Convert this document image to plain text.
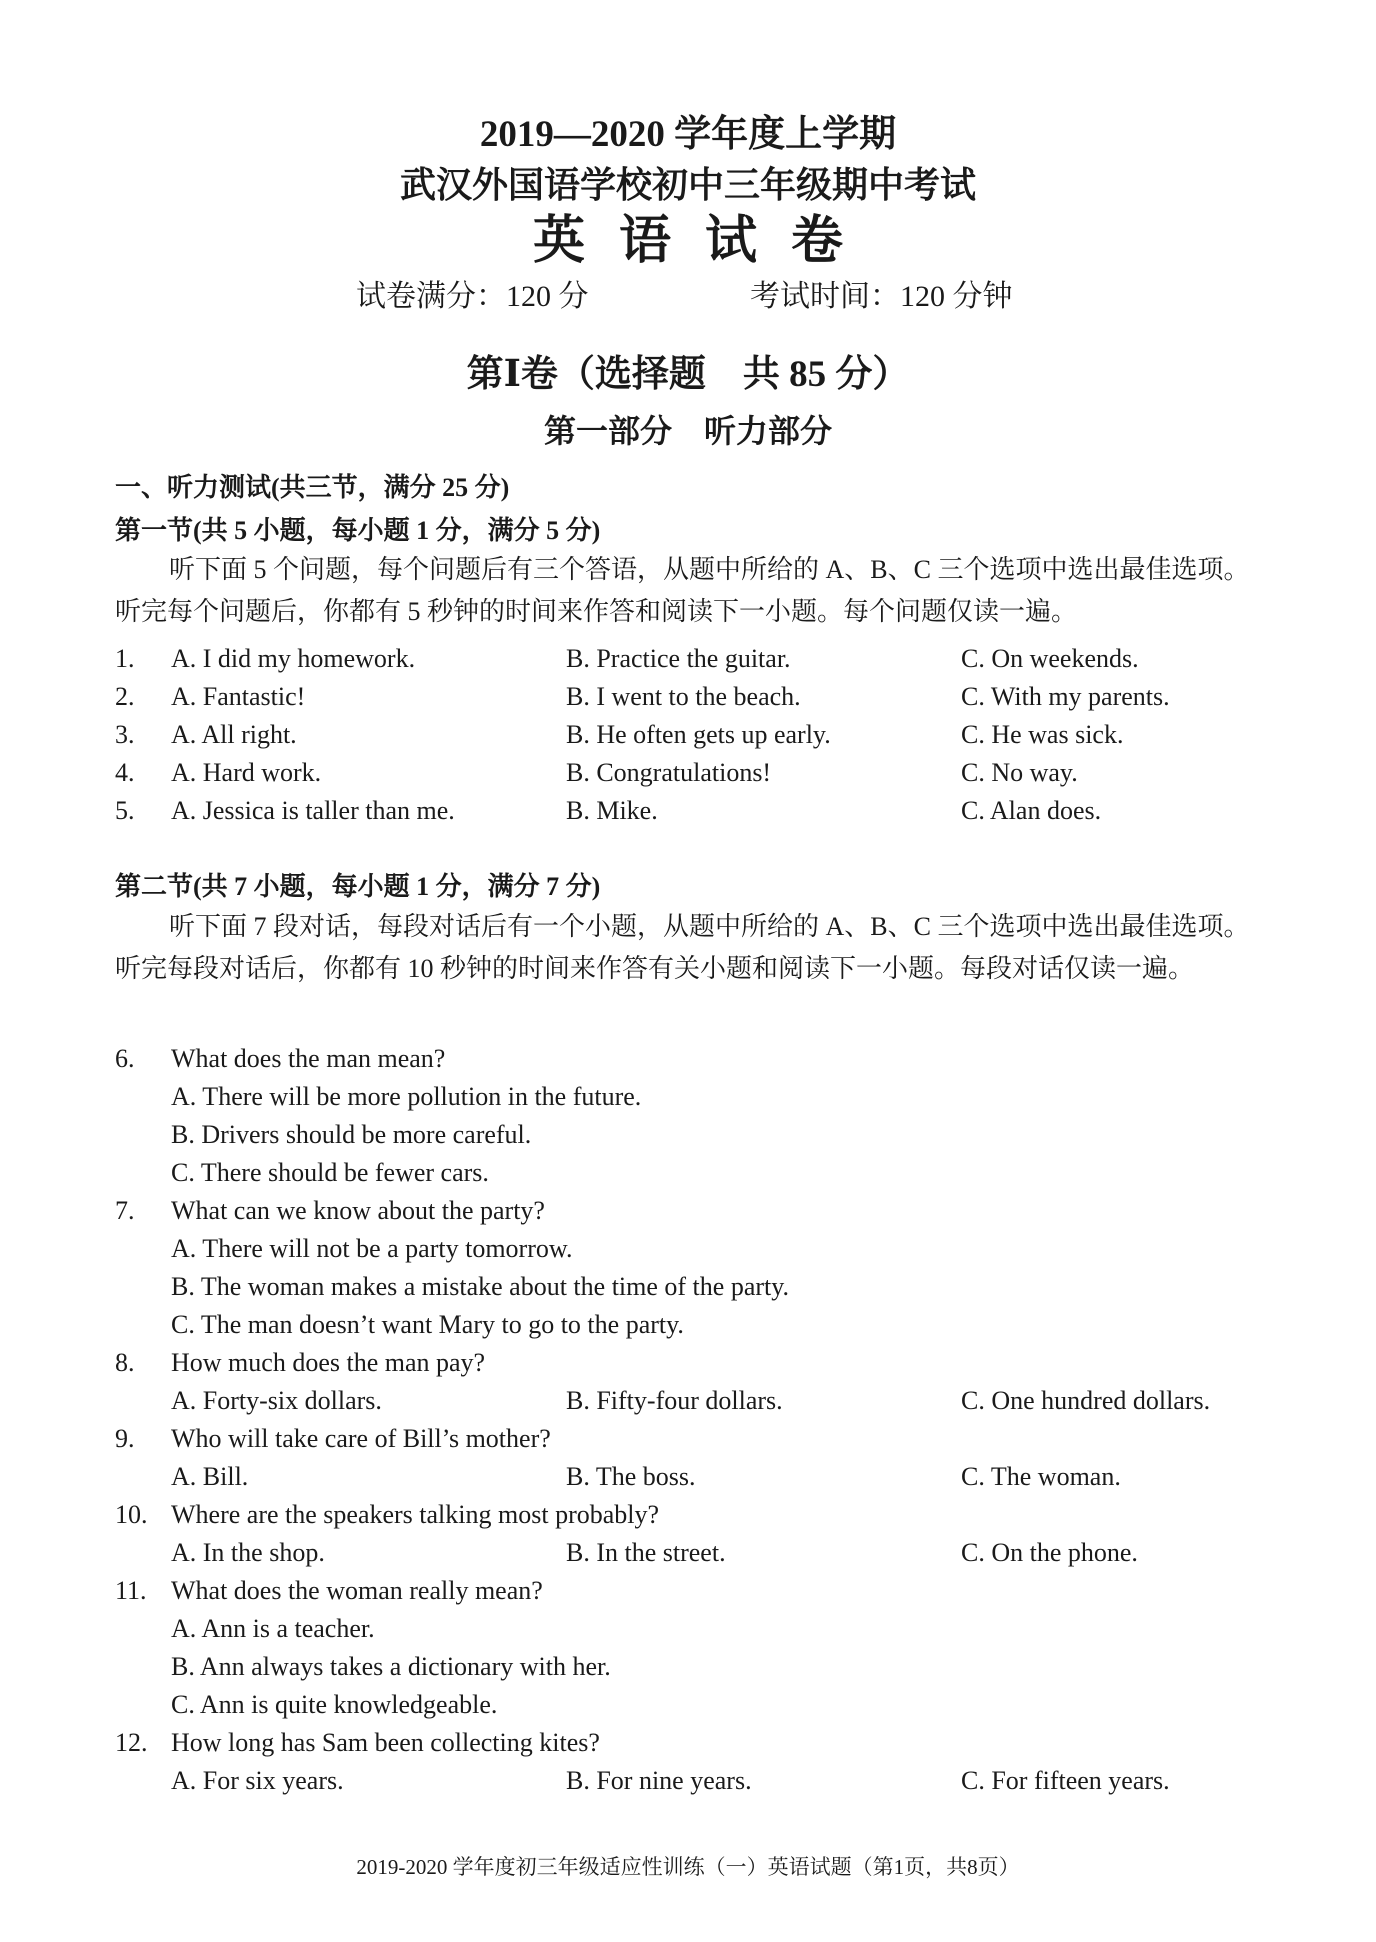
2019—2020 学年度上学期
武汉外国语学校初中三年级期中考试
英语试卷
试卷满分：120 分	考试时间：120 分钟
第Ⅰ卷（选择题　共 85 分）
第一部分　听力部分
一、听力测试(共三节，满分 25 分)
第一节(共 5 小题，每小题 1 分，满分 5 分)
听下面 5 个问题，每个问题后有三个答语，从题中所给的 A、B、C 三个选项中选出最佳选项。听完每个问题后，你都有 5 秒钟的时间来作答和阅读下一小题。每个问题仅读一遍。
1. A. I did my homework.	B. Practice the guitar.	C. On weekends.
2. A. Fantastic!	B. I went to the beach.	C. With my parents.
3. A. All right.	B. He often gets up early.	C. He was sick.
4. A. Hard work.	B. Congratulations!	C. No way.
5. A. Jessica is taller than me.	B. Mike.	C. Alan does.
第二节(共 7 小题，每小题 1 分，满分 7 分)
听下面 7 段对话，每段对话后有一个小题，从题中所给的 A、B、C 三个选项中选出最佳选项。听完每段对话后，你都有 10 秒钟的时间来作答有关小题和阅读下一小题。每段对话仅读一遍。
6. What does the man mean?
A. There will be more pollution in the future.
B. Drivers should be more careful.
C. There should be fewer cars.
7. What can we know about the party?
A. There will not be a party tomorrow.
B. The woman makes a mistake about the time of the party.
C. The man doesn’t want Mary to go to the party.
8. How much does the man pay?
A. Forty-six dollars.	B. Fifty-four dollars.	C. One hundred dollars.
9. Who will take care of Bill’s mother?
A. Bill.	B. The boss.	C. The woman.
10. Where are the speakers talking most probably?
A. In the shop.	B. In the street.	C. On the phone.
11. What does the woman really mean?
A. Ann is a teacher.
B. Ann always takes a dictionary with her.
C. Ann is quite knowledgeable.
12. How long has Sam been collecting kites?
A. For six years.	B. For nine years.	C. For fifteen years.
2019-2020 学年度初三年级适应性训练（一）英语试题（第1页，共8页）
